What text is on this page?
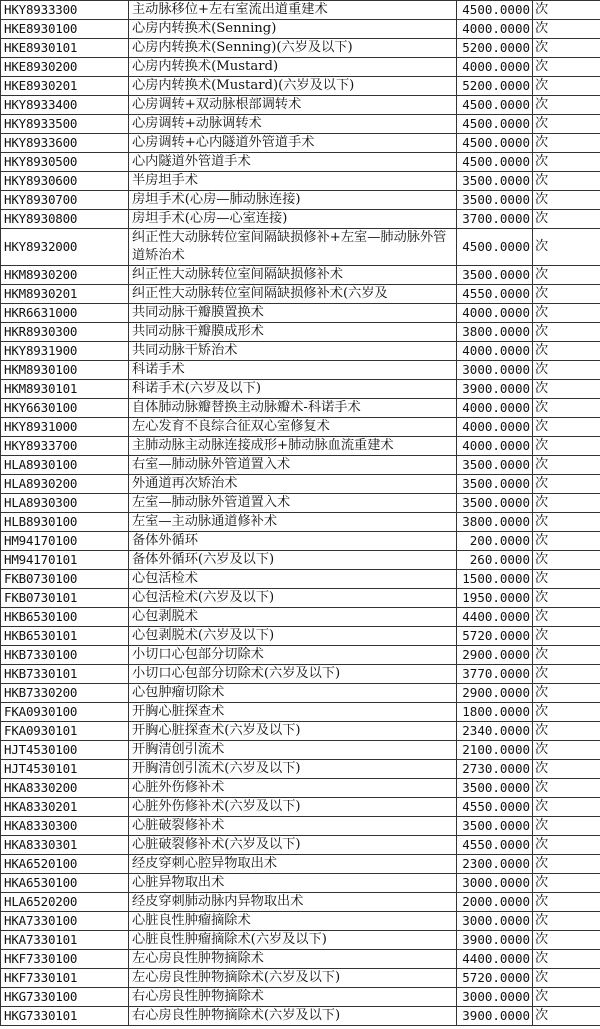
HKY8933300	主动脉移位+左右室流出道重建术	4500.0000	次
HKE8930100	心房内转换术(Senning)	4000.0000	次
HKE8930101	心房内转换术(Senning)(六岁及以下)	5200.0000	次
HKE8930200	心房内转换术(Mustard)	4000.0000	次
HKE8930201	心房内转换术(Mustard)(六岁及以下)	5200.0000	次
HKY8933400	心房调转+双动脉根部调转术	4500.0000	次
HKY8933500	心房调转+动脉调转术	4500.0000	次
HKY8933600	心房调转+心内隧道外管道手术	4500.0000	次
HKY8930500	心内隧道外管道手术	4500.0000	次
HKY8930600	半房坦手术	3500.0000	次
HKY8930700	房坦手术(心房—肺动脉连接)	3500.0000	次
HKY8930800	房坦手术(心房—心室连接)	3700.0000	次
HKY8932000	纠正性大动脉转位室间隔缺损修补+左室—肺动脉外管道矫治术	4500.0000	次
HKM8930200	纠正性大动脉转位室间隔缺损修补术	3500.0000	次
HKM8930201	纠正性大动脉转位室间隔缺损修补术(六岁及	4550.0000	次
HKR6631000	共同动脉干瓣膜置换术	4000.0000	次
HKR8930300	共同动脉干瓣膜成形术	3800.0000	次
HKY8931900	共同动脉干矫治术	4000.0000	次
HKM8930100	科诺手术	3000.0000	次
HKM8930101	科诺手术(六岁及以下)	3900.0000	次
HKY6630100	自体肺动脉瓣替换主动脉瓣术-科诺手术	4000.0000	次
HKY8931000	左心发育不良综合征双心室修复术	4000.0000	次
HKY8933700	主肺动脉主动脉连接成形+肺动脉血流重建术	4000.0000	次
HLA8930100	右室—肺动脉外管道置入术	3500.0000	次
HLA8930200	外通道再次矫治术	3500.0000	次
HLA8930300	左室—肺动脉外管道置入术	3500.0000	次
HLB8930100	左室—主动脉通道修补术	3800.0000	次
HM94170100	备体外循环	200.0000	次
HM94170101	备体外循环(六岁及以下)	260.0000	次
FKB0730100	心包活检术	1500.0000	次
FKB0730101	心包活检术(六岁及以下)	1950.0000	次
HKB6530100	心包剥脱术	4400.0000	次
HKB6530101	心包剥脱术(六岁及以下)	5720.0000	次
HKB7330100	小切口心包部分切除术	2900.0000	次
HKB7330101	小切口心包部分切除术(六岁及以下)	3770.0000	次
HKB7330200	心包肿瘤切除术	2900.0000	次
FKA0930100	开胸心脏探查术	1800.0000	次
FKA0930101	开胸心脏探查术(六岁及以下)	2340.0000	次
HJT4530100	开胸清创引流术	2100.0000	次
HJT4530101	开胸清创引流术(六岁及以下)	2730.0000	次
HKA8330200	心脏外伤修补术	3500.0000	次
HKA8330201	心脏外伤修补术(六岁及以下)	4550.0000	次
HKA8330300	心脏破裂修补术	3500.0000	次
HKA8330301	心脏破裂修补术(六岁及以下)	4550.0000	次
HKA6520100	经皮穿刺心腔异物取出术	2300.0000	次
HKA6530100	心脏异物取出术	3000.0000	次
HLA6520200	经皮穿刺肺动脉内异物取出术	2000.0000	次
HKA7330100	心脏良性肿瘤摘除术	3000.0000	次
HKA7330101	心脏良性肿瘤摘除术(六岁及以下)	3900.0000	次
HKF7330100	左心房良性肿物摘除术	4400.0000	次
HKF7330101	左心房良性肿物摘除术(六岁及以下)	5720.0000	次
HKG7330100	右心房良性肿物摘除术	3000.0000	次
HKG7330101	右心房良性肿物摘除术(六岁及以下)	3900.0000	次
